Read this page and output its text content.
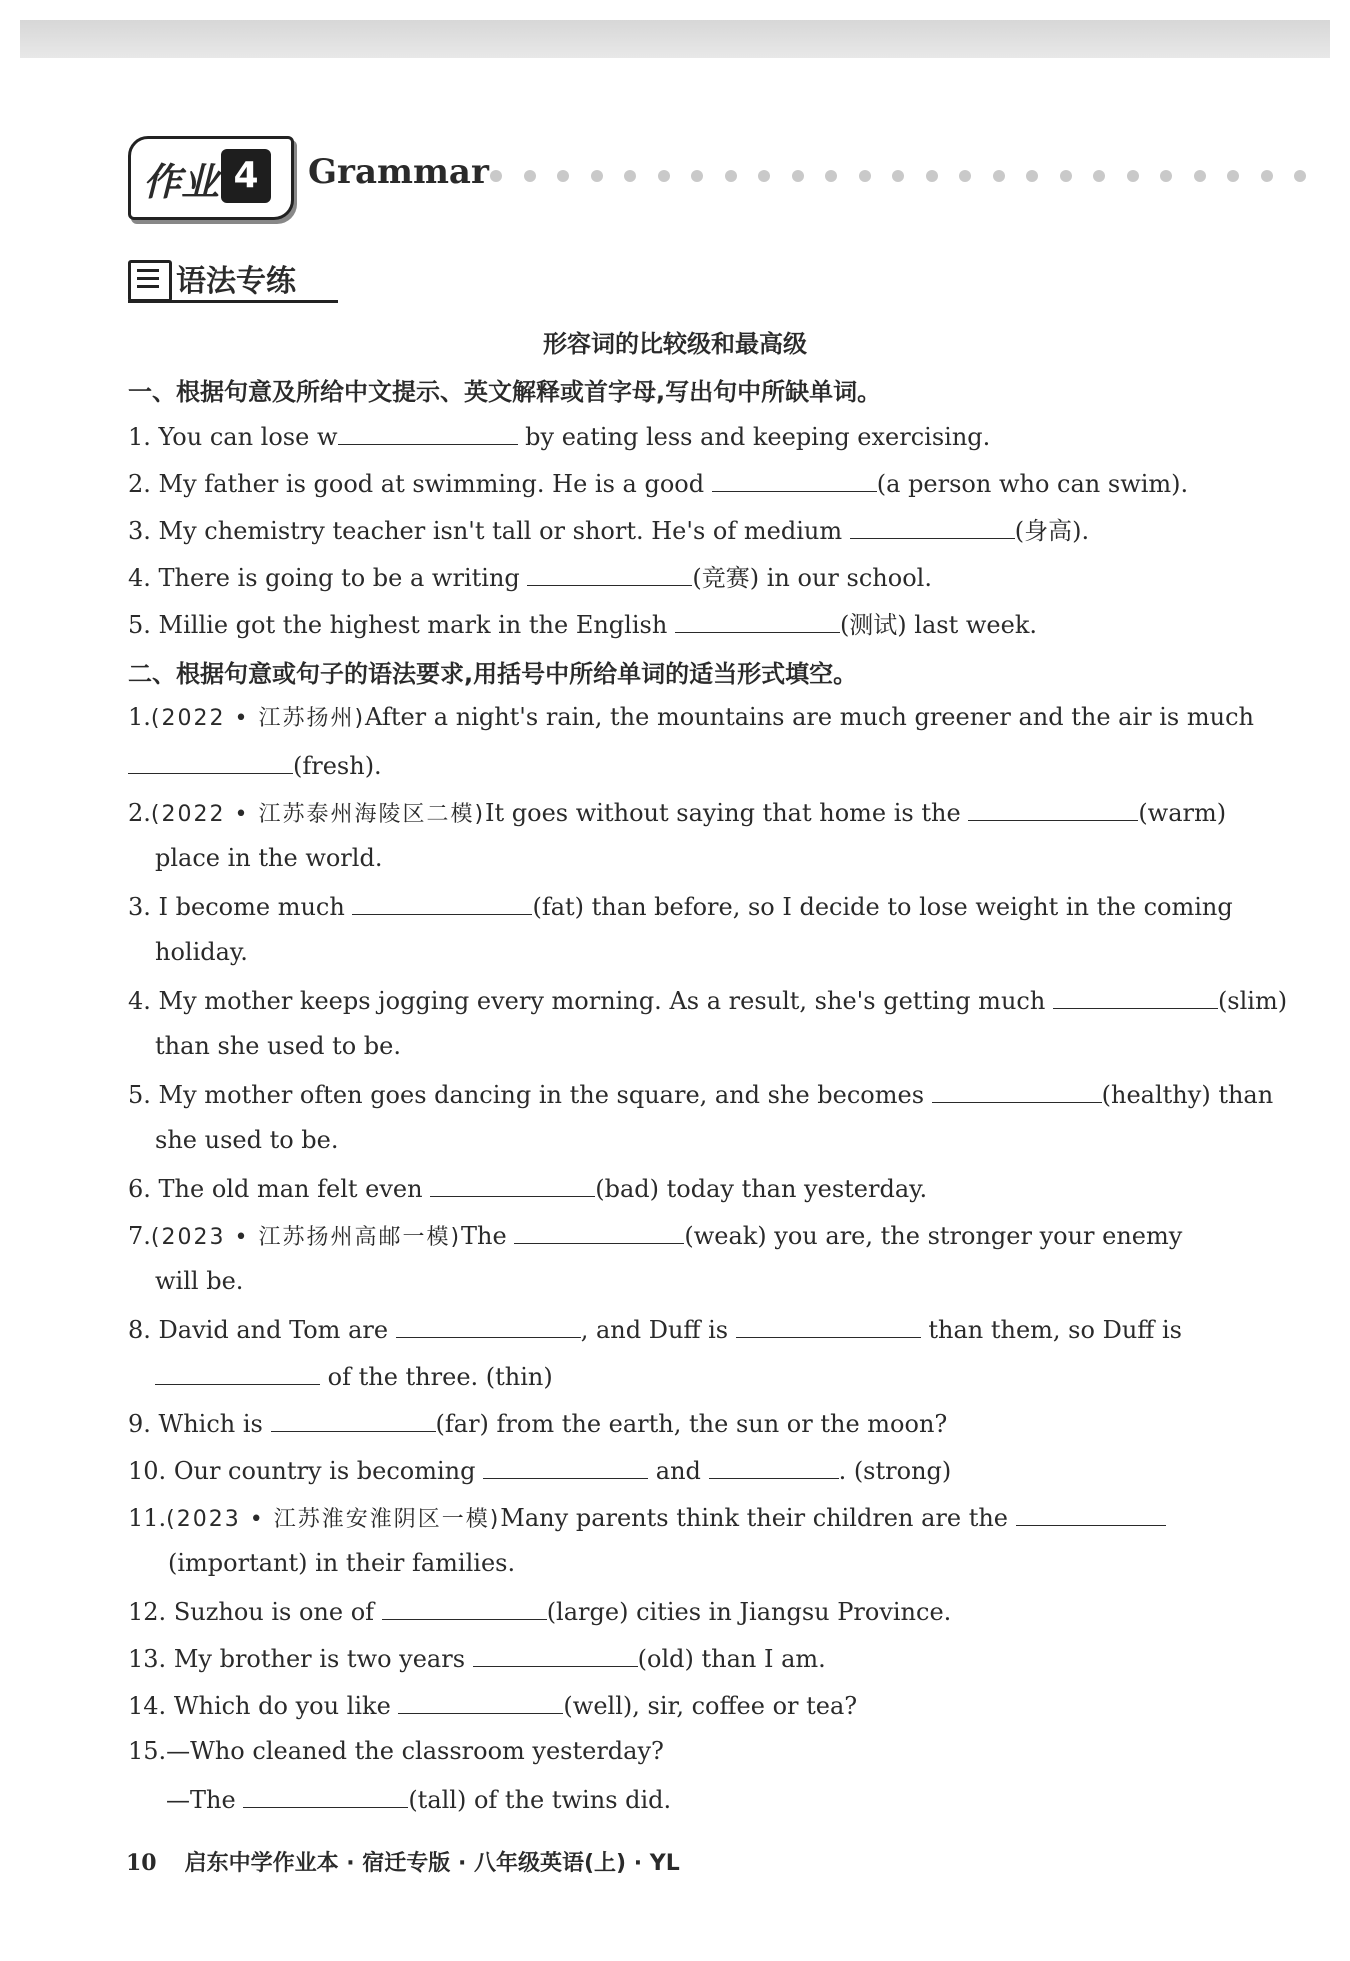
作业 4	Grammar
语法专练
形容词的比较级和最高级
一、根据句意及所给中文提示、英文解释或首字母,写出句中所缺单词。
1. You can lose w	by eating less and keeping exercising.
2. My father is good at swimming. He is a good	(a person who can swim).
3. My chemistry teacher isn't tall or short. He's of medium	(身高).
4. There is going to be a writing	(竞赛) in our school.
5. Millie got the highest mark in the English	(测试) last week.
二、根据句意或句子的语法要求,用括号中所给单词的适当形式填空。
1.(2022 • 江苏扬州)After a night's rain, the mountains are much greener and the air is much
(fresh).
2.(2022 • 江苏泰州海陵区二模)It goes without saying that home is the	(warm)
place in the world.
3. I become much	(fat) than before, so I decide to lose weight in the coming
holiday.
4. My mother keeps jogging every morning. As a result, she's getting much	(slim)
than she used to be.
5. My mother often goes dancing in the square, and she becomes	(healthy) than
she used to be.
6. The old man felt even	(bad) today than yesterday.
7.(2023 • 江苏扬州高邮一模)The	(weak) you are, the stronger your enemy
will be.
8. David and Tom are	, and Duff is	than them, so Duff is
of the three. (thin)
9. Which is	(far) from the earth, the sun or the moon?
10. Our country is becoming	and	. (strong)
11.(2023 • 江苏淮安淮阴区一模)Many parents think their children are the
(important) in their families.
12. Suzhou is one of	(large) cities in Jiangsu Province.
13. My brother is two years	(old) than I am.
14. Which do you like	(well), sir, coffee or tea?
15.—Who cleaned the classroom yesterday?
—The	(tall) of the twins did.
10 启东中学作业本 · 宿迁专版 · 八年级英语(上) · YL
